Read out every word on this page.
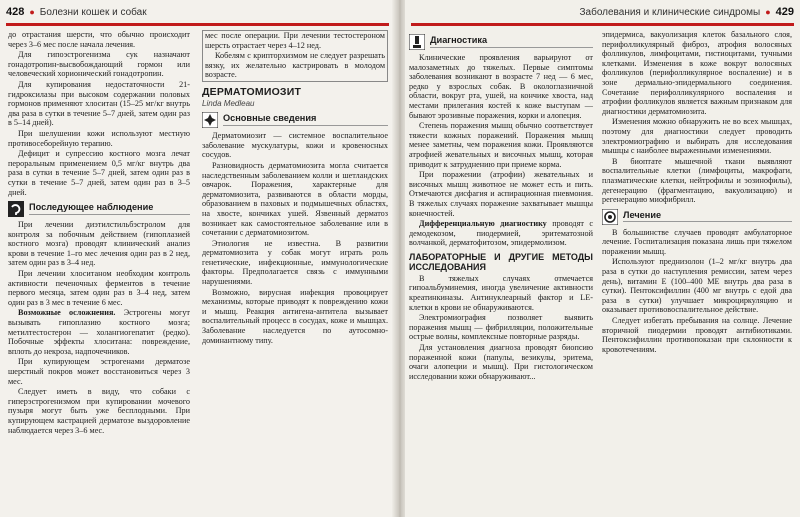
428 ● Болезни кошек и собак

до отрастания шерсти, что обычно происходит через 3–6 мес после начала лечения.

Для гипоэстрогенизма сук назначают гонадотропин-высвобождающий гормон или человеческий хорионический гонадотропин.

Для купирования недостаточности 21-гидроксилазы при высоком содержании половых гормонов применяют хлоситан (15–25 мг/кг внутрь два раза в сутки в течение 5–7 дней, затем один раз в 5–14 дней).

При шелушении кожи используют местную противосеборейную терапию.

Дефицит и супрессию костного мозга лечат пероральным применением 0,5 мг/кг внутрь два раза в сутки в течение 5–7 дней, затем один раз в сутки в течение 5–7 дней, затем один раз в 3–5 дней.

Последующее наблюдение

При лечении диэтилстильбэстролом для контроля за побочным действием (гипоплазией костного мозга) проводят клинический анализ крови в течение 1–го мес лечения один раз в 2 нед, затем один раз в 3–4 нед.

При лечении хлоситаном необходим контроль активности печеночных ферментов в течение первого месяца, затем один раз в 3–4 нед, затем один раз в 3 мес в течение 6 мес.

Возможные осложнения. Эстрогены могут вызывать гипоплазию костного мозга; метилтестостерон — холангиогепатит (редко). Побочные эффекты хлоситана: повреждение, вплоть до некроза, надпочечников.

При купирующем эстрогенами дерматозе шерстный покров может восстановиться через 3 мес.

Следует иметь в виду, что собаки с гиперэстрогенизмом при купировании мочевого пузыря могут быть уже бесплодными. При купирующем кастрацией дерматозе выздоровление наблюдается через 3–6 мес.

мес после операции. При лечении тестостероном шерсть отрастает через 4–12 нед.

Кобелям с крипторхизмом не следует разрешать вязку, их желательно кастрировать в молодом возрасте.

ДЕРМАТОМИОЗИТ
Linda Medleau
Основные сведения

Дерматомиозит — системное воспалительное заболевание мускулатуры, кожи и кровеносных сосудов.

Разновидность дерматомиозита могла считается наследственным заболеванием колли и шетландских овчарок. Поражения, характерные для дерматомиозита, развиваются в области морды, образованием в паховых и подмышечных областях, на хвосте, кончиках ушей. Язвенный дерматоз возникает как самостоятельное заболевание или в сочетании с дерматомиозитом.

Этиология не известна. В развитии дерматомиозита у собак могут играть роль генетические, инфекционные, иммунологические факторы. Предполагается связь с иммунными нарушениями.

Возможно, вирусная инфекция провоцирует механизмы, которые приводят к повреждению кожи и мышц. Реакция антигена-антитела вызывает воспалительный процесс в сосудах, коже и мышцах. Заболевание наследуется по аутосомно-доминантному типу.

Заболевания и клинические синдромы ● 429
Диагностика

Клинические проявления варьируют от малозаметных до тяжелых. Первые симптомы заболевания возникают в возрасте 7 нед — 6 мес, редко у взрослых собак. В окологлазничной области, вокруг рта, ушей, на кончике хвоста, над местами прилегания костей к коже выступам — бывают эрозивные поражения, корки и алопеция.

Степень поражения мышц обычно соответствует тяжести кожных поражений. Поражения мышц менее заметны, чем поражения кожи. Проявляются атрофией жевательных и височных мышц, которая приводит к затруднению при приеме корма.

При поражении (атрофии) жевательных и височных мышц животное не может есть и пить. Отмечаются дисфагия и аспирационная пневмония. В тяжелых случаях поражение захватывает мышцы конечностей.

Дифференциальную диагностику проводят с демодекозом, пиодермией, эритематозной волчанкой, дерматофитозом, эпидермолизом.

ЛАБОРАТОРНЫЕ И ДРУГИЕ МЕТОДЫ ИССЛЕДОВАНИЯ

В тяжелых случаях отмечается гипоальбуминемия, иногда увеличение активности креатинкиназы. Антинуклеарный фактор и LE-клетки в крови не обнаруживаются.

Электромиография позволяет выявить поражения мышц — фибрилляции, положительные острые волны, комплексные повторные разряды.

Для установления диагноза проводят биопсию пораженной кожи (папулы, везикулы, эритема, очаги алопеции и мышц). При гистологическом исследовании кожи обнаруживают...

эпидермиса, вакуолизация клеток базального слоя, перифолликулярный фиброз, атрофия волосяных фолликулов, лимфоцитами, гистиоцитами, тучными клетками. Изменения в коже вокруг волосяных фолликулов (перифолликулярное воспаление) и в зоне дермально-эпидермального соединения. Сочетание перифолликулярного воспаления и атрофии фолликулов является важным признаком для диагностики дерматомиозита.

Изменения можно обнаружить не во всех мышцах, поэтому для диагностики следует проводить электромиографию и выбирать для исследования мышцы с наиболее выраженными изменениями.

В биоптате мышечной ткани выявляют воспалительные клетки (лимфоциты, макрофаги, плазматические клетки, нейтрофилы и эозинофилы), дегенерацию (фрагментацию, вакуолизацию) и регенерацию миофибрилл.

Лечение

В большинстве случаев проводят амбулаторное лечение. Госпитализация показана лишь при тяжелом поражении мышц.

Используют преднизолон (1–2 мг/кг внутрь два раза в сутки до наступления ремиссии, затем через день), витамин Е (100–400 ME внутрь два раза в сутки). Пентоксифиллин (400 мг внутрь с едой два раза в сутки) улучшает микроциркуляцию и оказывает противовоспалительное действие.

Следует избегать пребывания на солнце. Лечение вторичной пиодермии проводят антибиотиками. Пентоксифиллин противопоказан при склонности к кровотечениям.
